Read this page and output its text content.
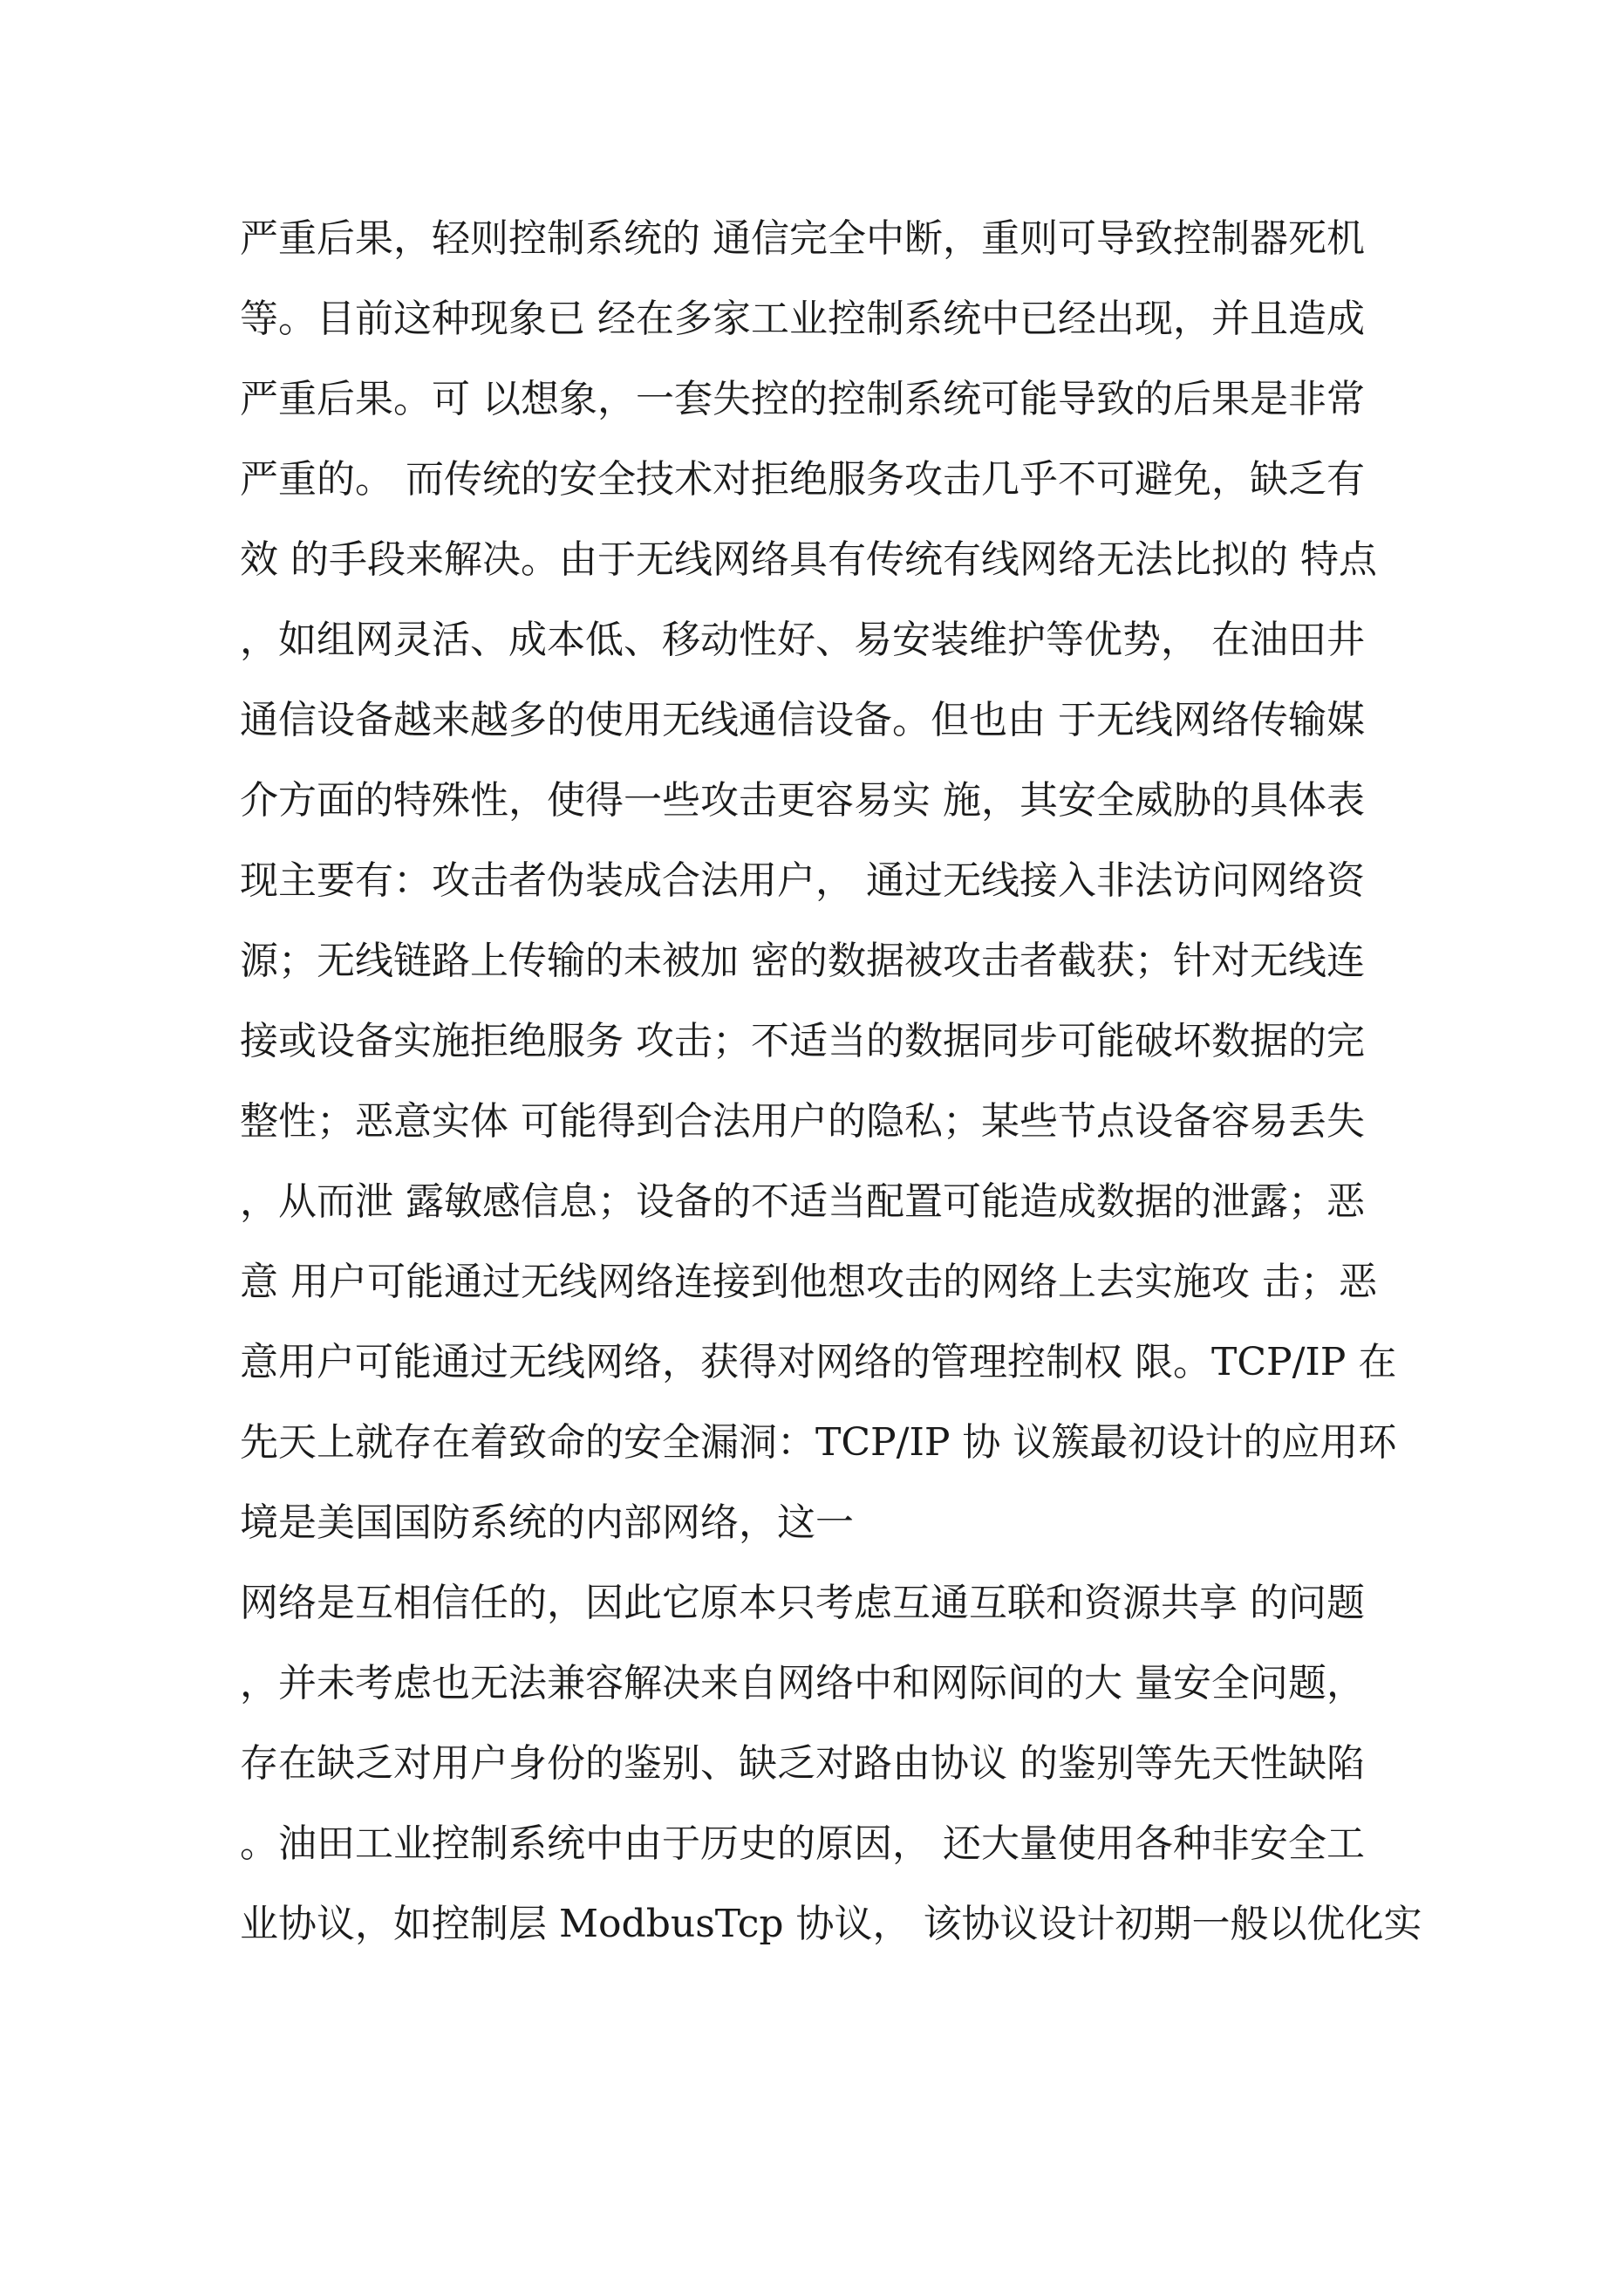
严重后果，轻则控制系统的 通信完全中断，重则可导致控制器死机
等。目前这种现象已 经在多家工业控制系统中已经出现，并且造成
严重后果。可 以想象，一套失控的控制系统可能导致的后果是非常
严重的。 而传统的安全技术对拒绝服务攻击几乎不可避免，缺乏有
效 的手段来解决。由于无线网络具有传统有线网络无法比拟的 特点
，如组网灵活、成本低、移动性好、易安装维护等优势， 在油田井
通信设备越来越多的使用无线通信设备。但也由 于无线网络传输媒
介方面的特殊性，使得一些攻击更容易实 施，其安全威胁的具体表
现主要有：攻击者伪装成合法用户， 通过无线接入非法访问网络资
源；无线链路上传输的未被加 密的数据被攻击者截获；针对无线连
接或设备实施拒绝服务 攻击；不适当的数据同步可能破坏数据的完
整性；恶意实体 可能得到合法用户的隐私；某些节点设备容易丢失
，从而泄 露敏感信息；设备的不适当配置可能造成数据的泄露；恶
意 用户可能通过无线网络连接到他想攻击的网络上去实施攻 击；恶
意用户可能通过无线网络，获得对网络的管理控制权 限。TCP/IP 在
先天上就存在着致命的安全漏洞：TCP/IP 协 议簇最初设计的应用环
境是美国国防系统的内部网络，这一
网络是互相信任的，因此它原本只考虑互通互联和资源共享 的问题
，并未考虑也无法兼容解决来自网络中和网际间的大 量安全问题，
存在缺乏对用户身份的鉴别、缺乏对路由协议 的鉴别等先天性缺陷
。油田工业控制系统中由于历史的原因， 还大量使用各种非安全工
业协议，如控制层 ModbusTcp 协议， 该协议设计初期一般以优化实
